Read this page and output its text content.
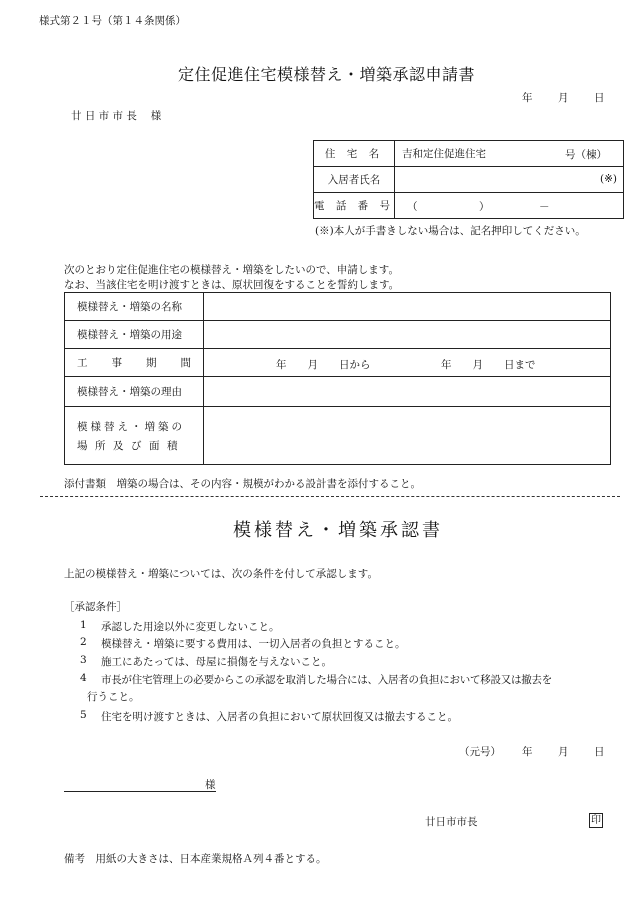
様式第２１号（第１４条関係）
定住促進住宅模様替え・増築承認申請書
年 月 日
廿 日 市 市 長　 様
住 宅 名	吉和定住促進住宅 号（棟）

入居者氏名	(※)

電 話 番 号	（ ） －
(※)本人が手書きしない場合は、記名押印してください。
次のとおり定住促進住宅の模様替え・増築をしたいので、申請します。
なお、当該住宅を明け渡すときは、原状回復をすることを誓約します。
模様替え・増築の名称	
模様替え・増築の用途	

工 事 期 間	年　　月　　日から 年　　月　　日まで

模様替え・増築の理由	

模様替え・増築の
場所及び面積	

添付書類　増築の場合は、その内容・規模がわかる設計書を添付すること。
模様替え・増築承認書
上記の模様替え・増築については、次の条件を付して承認します。
［承認条件］
1 承認した用途以外に変更しないこと。
2 模様替え・増築に要する費用は、一切入居者の負担とすること。
3 施工にあたっては、母屋に損傷を与えないこと。
4 市長が住宅管理上の必要からこの承認を取消した場合には、入居者の負担において移設又は撤去を
行うこと。
5 住宅を明け渡すときは、入居者の負担において原状回復又は撤去すること。
（元号） 年 月 日
様
廿日市市長	印
備考　用紙の大きさは、日本産業規格Ａ列４番とする。
